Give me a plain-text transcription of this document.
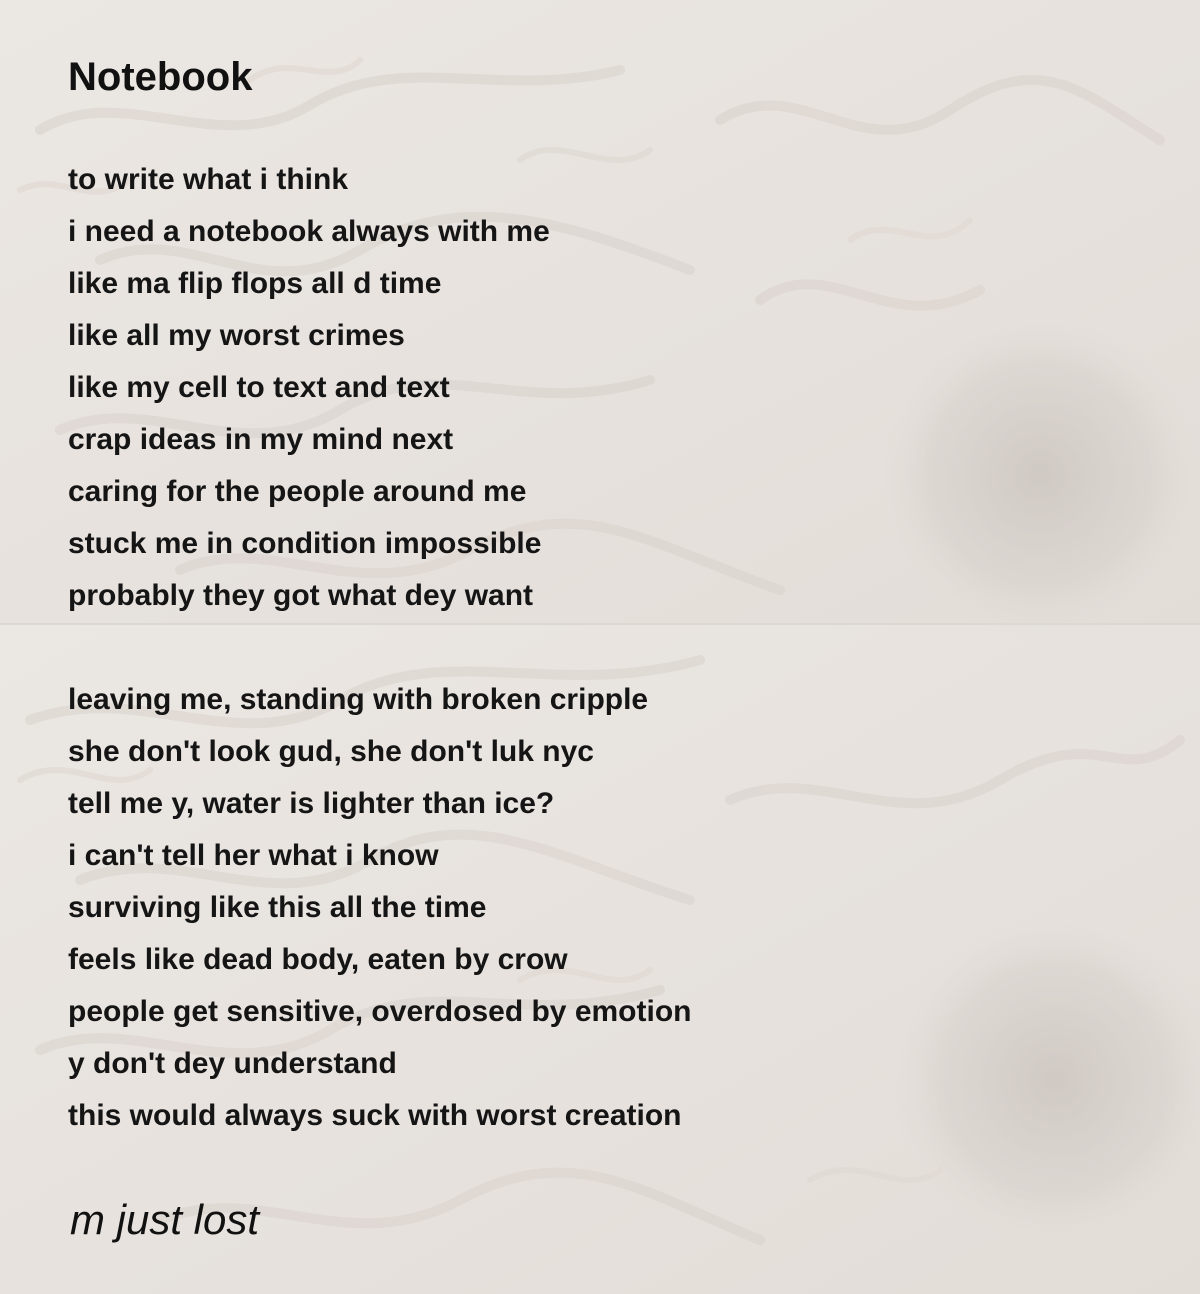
Notebook
to write what i think
i need a notebook always with me
like ma flip flops all d time
like all my worst crimes
like my cell to text and text
crap ideas in my mind next
caring for the people around me
stuck me in condition impossible
probably they got what dey want
leaving me, standing with broken cripple
she don't look gud, she don't luk nyc
tell me y, water is lighter than ice?
i can't tell her what i know
surviving like this all the time
feels like dead body, eaten by crow
people get sensitive, overdosed by emotion
y don't dey understand
this would always suck with worst creation

m just lost
